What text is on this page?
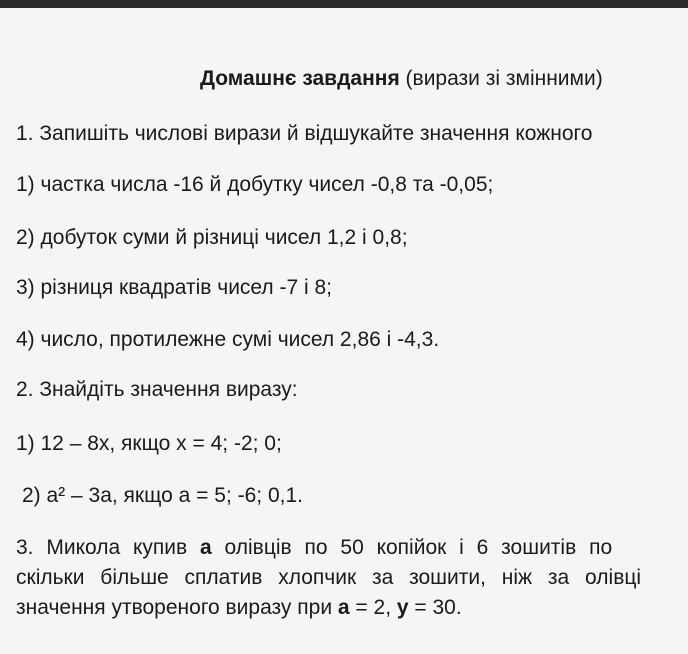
Домашнє завдання (вирази зі змінними)
1. Запишіть числові вирази й відшукайте значення кожного
1) частка числа -16 й добутку чисел -0,8 та -0,05;
2) добуток суми й різниці чисел 1,2 і 0,8;
3) різниця квадратів чисел -7 і 8;
4) число, протилежне сумі чисел 2,86 і -4,3.
2. Знайдіть значення виразу:
1) 12 – 8x, якщо x = 4; -2; 0;
2) a² – 3a, якщо a = 5; -6; 0,1.
3. Микола купив a олівців по 50 копійок і 6 зошитів по
скільки більше сплатив хлопчик за зошити, ніж за олівці
значення утвореного виразу при a = 2, y = 30.
